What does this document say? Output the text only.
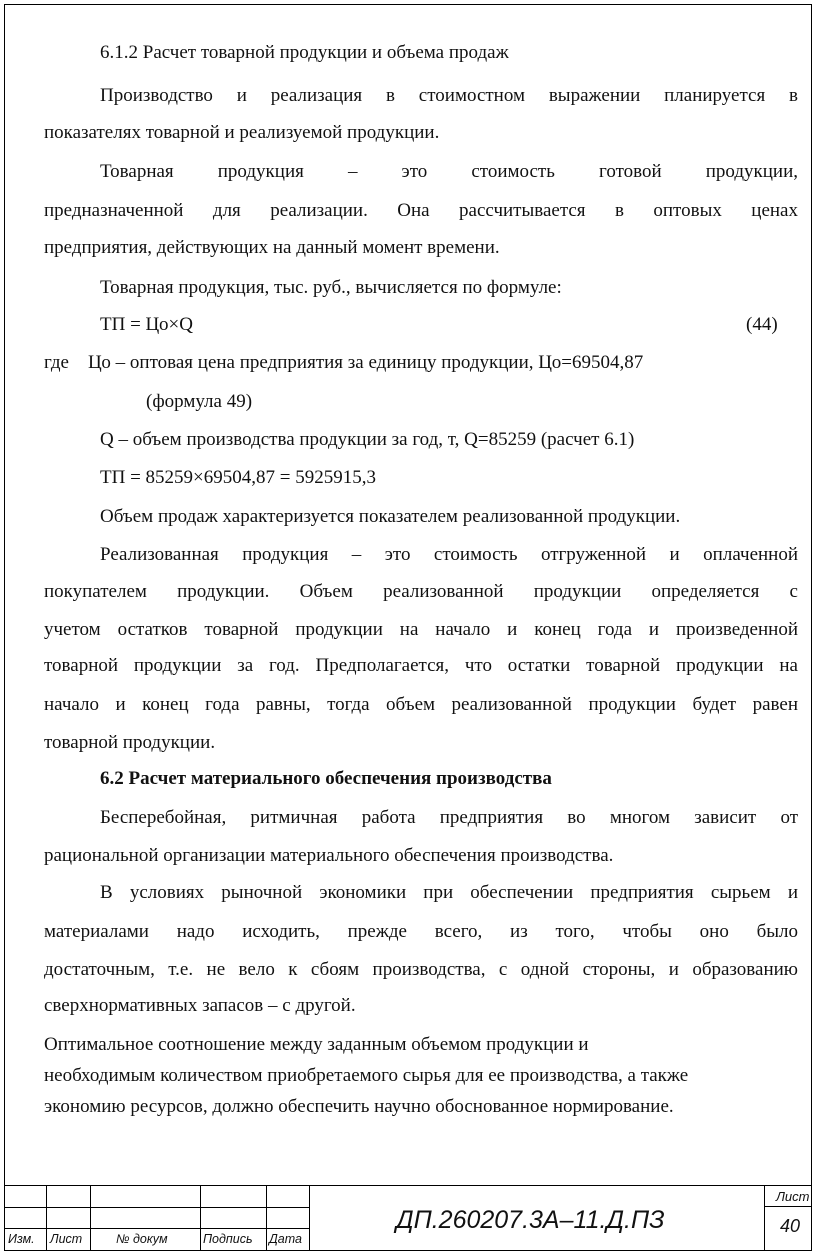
6.1.2 Расчет товарной продукции и объема продаж
Производство и реализация в стоимостном выражении планируется в
показателях товарной и реализуемой продукции.
Товарная продукция – это стоимость готовой продукции,
предназначенной для реализации. Она рассчитывается в оптовых ценах
предприятия, действующих на данный момент времени.
Товарная продукция, тыс. руб., вычисляется по формуле:
ТП = Цо×Q	(44)
где    Цо – оптовая цена предприятия за единицу продукции, Цо=69504,87
(формула 49)
Q – объем производства продукции за год, т, Q=85259 (расчет 6.1)
ТП = 85259×69504,87 = 5925915,3
Объем продаж характеризуется показателем реализованной продукции.
Реализованная продукция – это стоимость отгруженной и оплаченной
покупателем продукции. Объем реализованной продукции определяется с
учетом остатков товарной продукции на начало и конец года и произведенной
товарной продукции за год. Предполагается, что остатки товарной продукции на
начало и конец года равны, тогда объем реализованной продукции будет равен
товарной продукции.
6.2 Расчет материального обеспечения производства
Бесперебойная, ритмичная работа предприятия во многом зависит от
рациональной организации материального обеспечения производства.
В условиях рыночной экономики при обеспечении предприятия сырьем и
материалами надо исходить, прежде всего, из того, чтобы оно было
достаточным, т.е. не вело к сбоям производства, с одной стороны, и образованию
сверхнормативных запасов – с другой.
Оптимальное соотношение между заданным объемом продукции и
необходимым количеством приобретаемого сырья для ее производства, а также
экономию ресурсов, должно обеспечить научно обоснованное нормирование.
Изм. Лист	№ докум	Подпись Дата
ДП.260207.3А–11.Д.ПЗ
Лист
40
